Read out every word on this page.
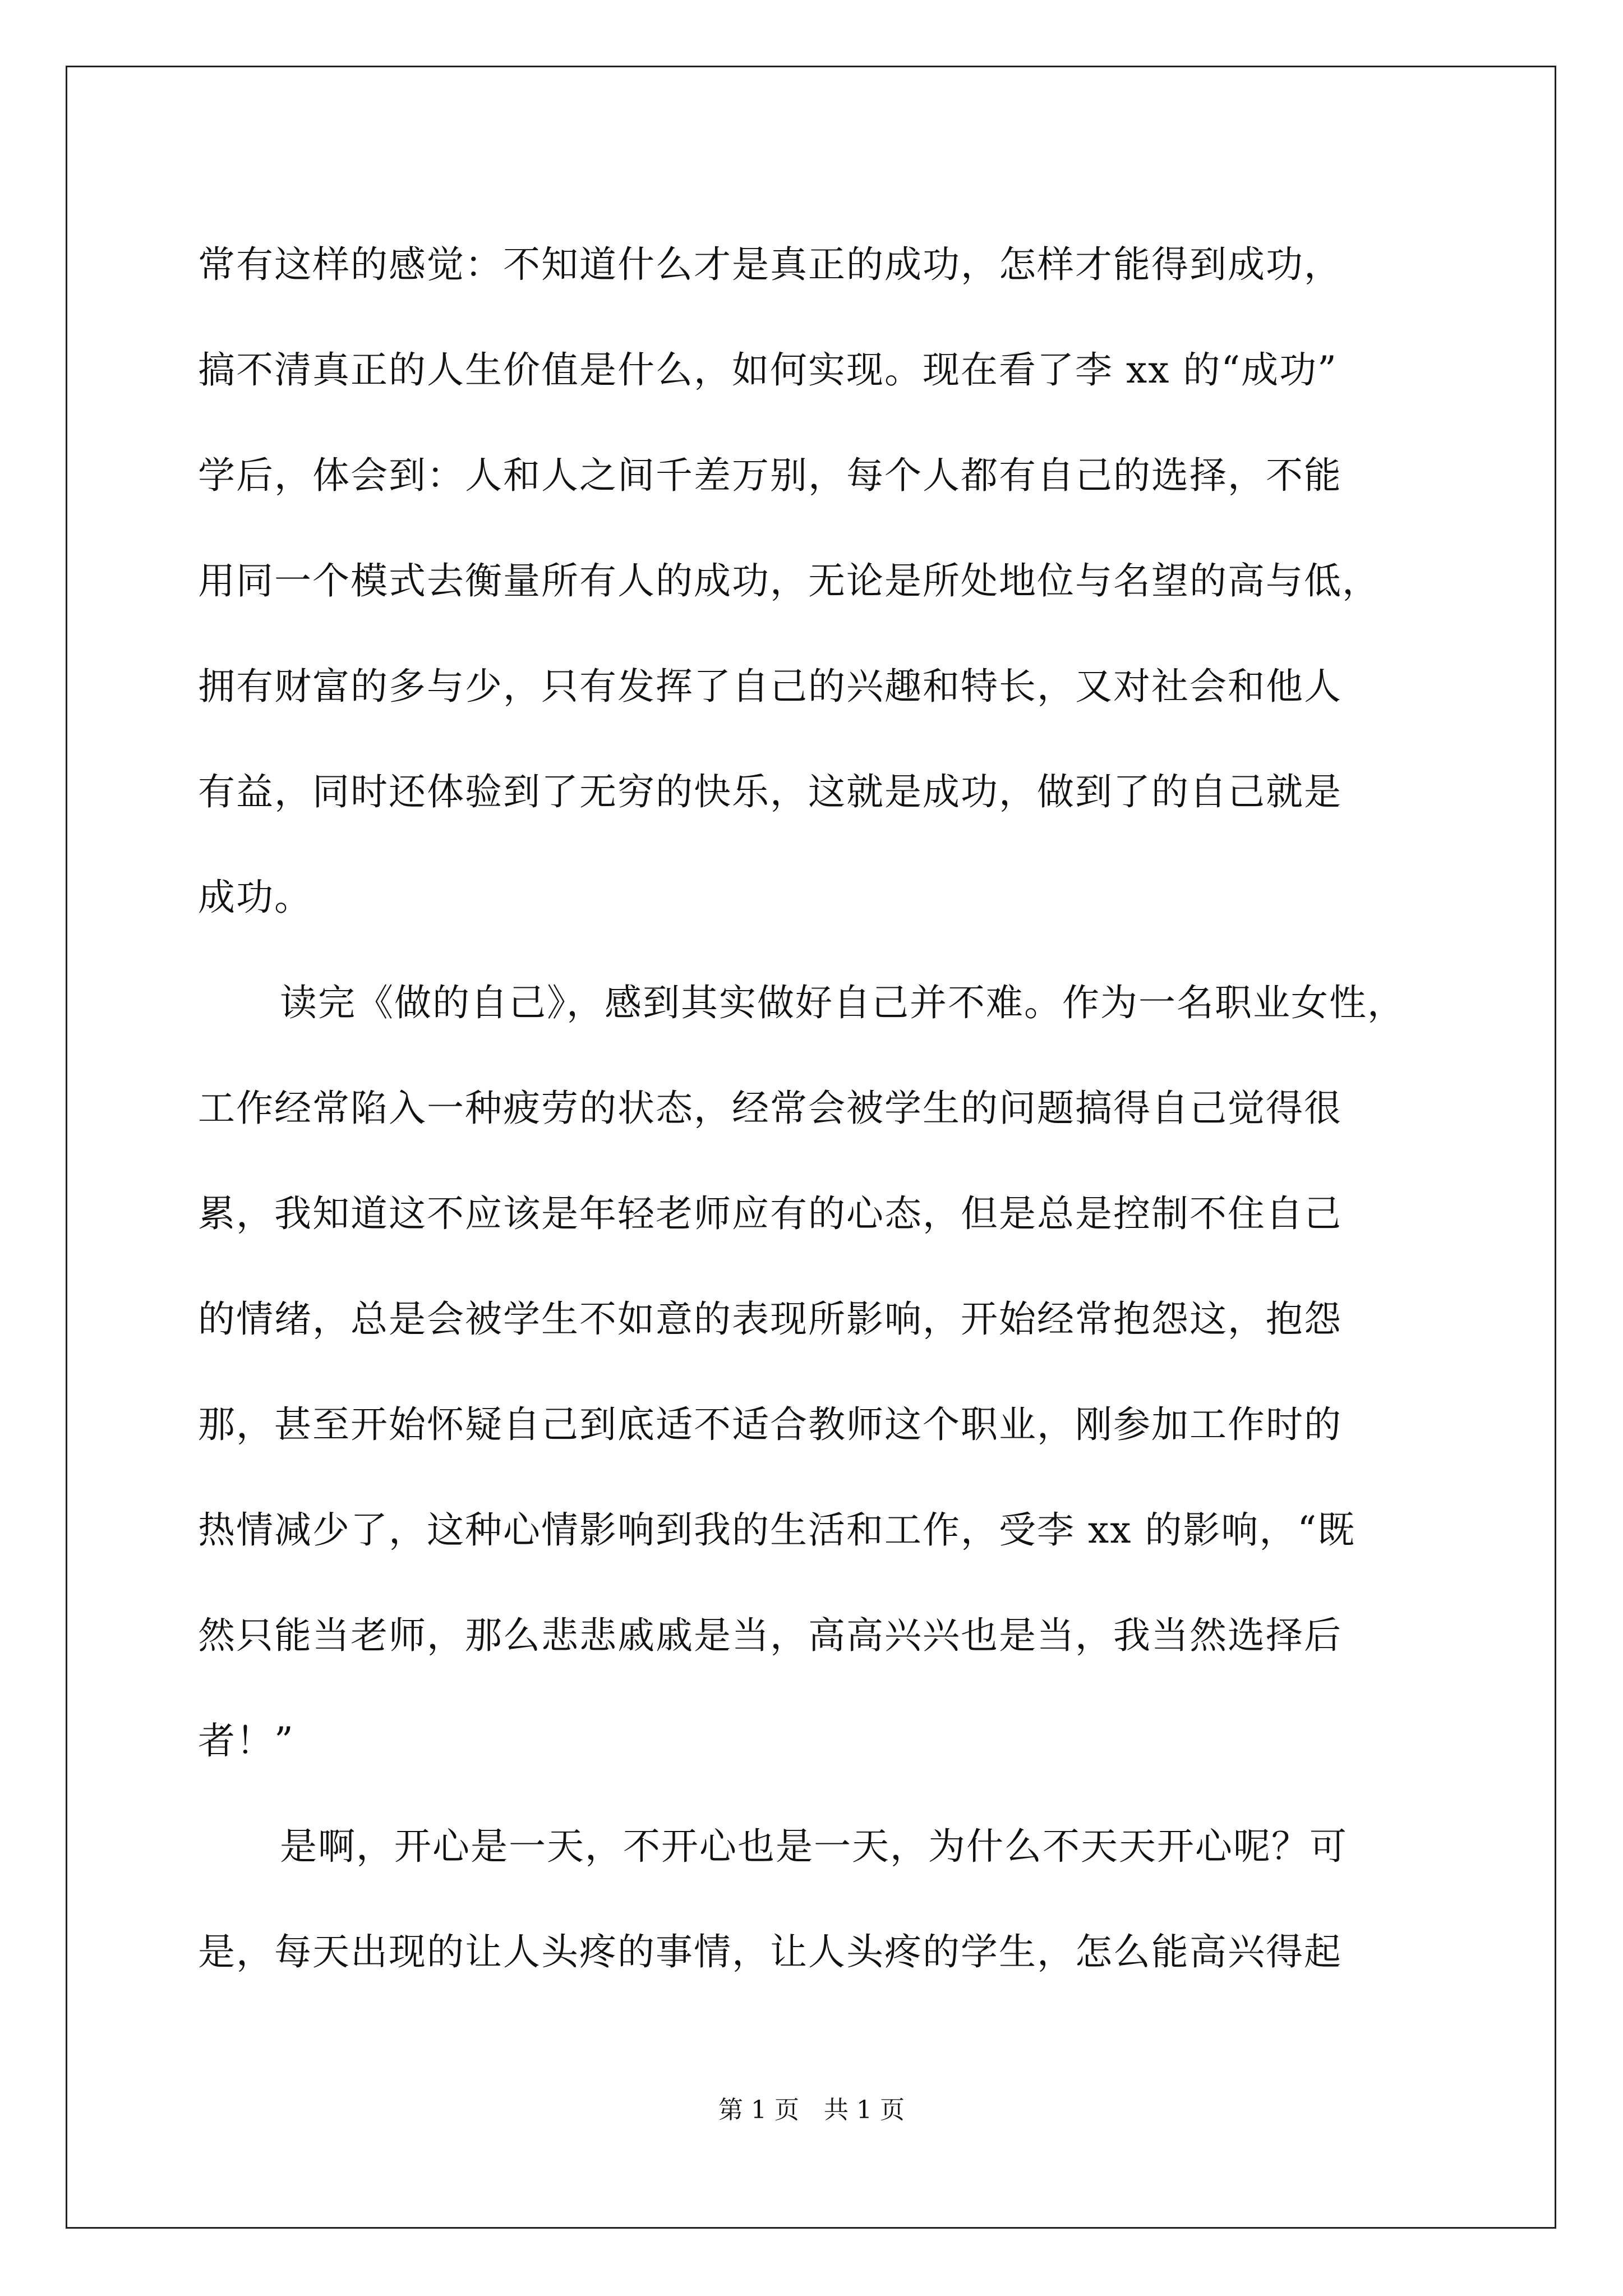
常有这样的感觉：不知道什么才是真正的成功，怎样才能得到成功，
搞不清真正的人生价值是什么，如何实现。现在看了李 xx 的“成功”
学后，体会到：人和人之间千差万别，每个人都有自己的选择，不能
用同一个模式去衡量所有人的成功，无论是所处地位与名望的高与低，
拥有财富的多与少，只有发挥了自己的兴趣和特长，又对社会和他人
有益，同时还体验到了无穷的快乐，这就是成功，做到了的自己就是
成功。
读完《做的自己》，感到其实做好自己并不难。作为一名职业女性，
工作经常陷入一种疲劳的状态，经常会被学生的问题搞得自己觉得很
累，我知道这不应该是年轻老师应有的心态，但是总是控制不住自己
的情绪，总是会被学生不如意的表现所影响，开始经常抱怨这，抱怨
那，甚至开始怀疑自己到底适不适合教师这个职业，刚参加工作时的
热情减少了，这种心情影响到我的生活和工作，受李 xx 的影响，“既
然只能当老师，那么悲悲戚戚是当，高高兴兴也是当，我当然选择后
者！”
是啊，开心是一天，不开心也是一天，为什么不天天开心呢？可
是，每天出现的让人头疼的事情，让人头疼的学生，怎么能高兴得起
第 1 页　共 1 页
